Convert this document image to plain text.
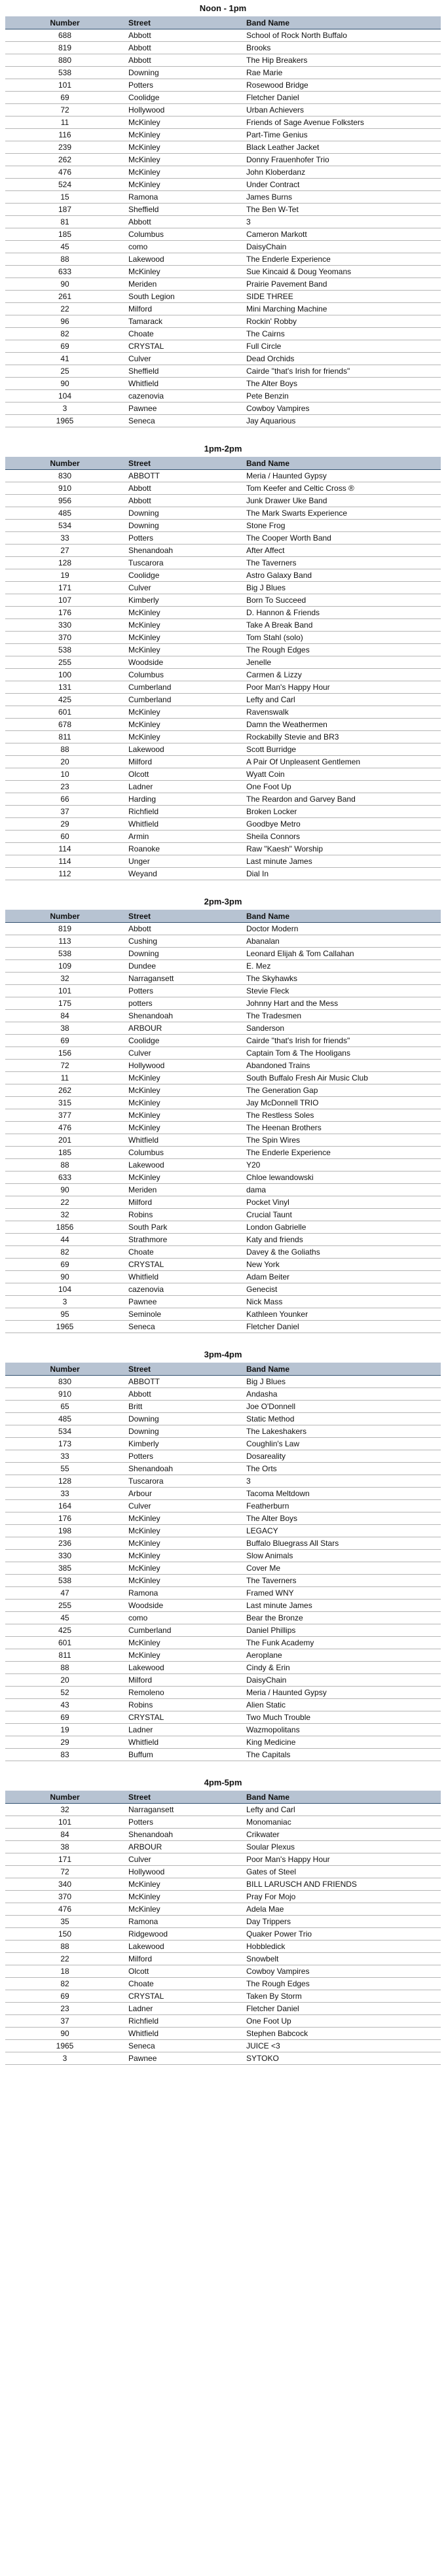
Noon - 1pm
Number	Street	Band Name
688	Abbott	School of Rock North Buffalo
819	Abbott	Brooks
880	Abbott	The Hip Breakers
538	Downing	Rae Marie
101	Potters	Rosewood Bridge
69	Coolidge	Fletcher Daniel
72	Hollywood	Urban Achievers
11	McKinley	Friends of Sage Avenue Folksters
116	McKinley	Part-Time Genius
239	McKinley	Black Leather Jacket
262	McKinley	Donny Frauenhofer Trio
476	McKinley	John Kloberdanz
524	McKinley	Under Contract
15	Ramona	James Burns
187	Sheffield	The Ben W-Tet
81	Abbott	3
185	Columbus	Cameron Markott
45	como	DaisyChain
88	Lakewood	The Enderle Experience
633	McKinley	Sue Kincaid & Doug Yeomans
90	Meriden	Prairie Pavement Band
261	South Legion	SIDE THREE
22	Milford	Mini Marching Machine
96	Tamarack	Rockin' Robby
82	Choate	The Cairns
69	CRYSTAL	Full Circle
41	Culver	Dead Orchids
25	Sheffield	Cairde "that's Irish for friends"
90	Whitfield	The Alter Boys
104	cazenovia	Pete Benzin
3	Pawnee	Cowboy Vampires
1965	Seneca	Jay Aquarious
1pm-2pm
Number	Street	Band Name
830	ABBOTT	Meria / Haunted Gypsy
910	Abbott	Tom Keefer and Celtic Cross ®
956	Abbott	Junk Drawer Uke Band
485	Downing	The Mark Swarts Experience
534	Downing	Stone Frog
33	Potters	The Cooper Worth Band
27	Shenandoah	After Affect
128	Tuscarora	The Taverners
19	Coolidge	Astro Galaxy Band
171	Culver	Big J Blues
107	Kimberly	Born To Succeed
176	McKinley	D. Hannon & Friends
330	McKinley	Take A Break Band
370	McKinley	Tom Stahl (solo)
538	McKinley	The Rough Edges
255	Woodside	Jenelle
100	Columbus	Carmen & Lizzy
131	Cumberland	Poor Man's Happy Hour
425	Cumberland	Lefty and Carl
601	McKinley	Ravenswalk
678	McKinley	Damn the Weathermen
811	McKinley	Rockabilly Stevie and BR3
88	Lakewood	Scott Burridge
20	Milford	A Pair Of Unpleasent Gentlemen
10	Olcott	Wyatt Coin
23	Ladner	One Foot Up
66	Harding	The Reardon and Garvey Band
37	Richfield	Broken Locker
29	Whitfield	Goodbye Metro
60	Armin	Sheila Connors
114	Roanoke	Raw "Kaesh" Worship
114	Unger	Last minute James
112	Weyand	Dial In
2pm-3pm
Number	Street	Band Name
819	Abbott	Doctor Modern
113	Cushing	Abanalan
538	Downing	Leonard Elijah & Tom Callahan
109	Dundee	E. Mez
32	Narragansett	The Skyhawks
101	Potters	Stevie Fleck
175	potters	Johnny Hart and the Mess
84	Shenandoah	The Tradesmen
38	ARBOUR	Sanderson
69	Coolidge	Cairde "that's Irish for friends"
156	Culver	Captain Tom & The Hooligans
72	Hollywood	Abandoned Trains
11	McKinley	South Buffalo Fresh Air Music Club
262	McKinley	The Generation Gap
315	McKinley	Jay McDonnell TRIO
377	McKinley	The Restless Soles
476	McKinley	The Heenan Brothers
201	Whitfield	The Spin Wires
185	Columbus	The Enderle Experience
88	Lakewood	Y20
633	McKinley	Chloe lewandowski
90	Meriden	dama
22	Milford	Pocket Vinyl
32	Robins	Crucial Taunt
1856	South Park	London Gabrielle
44	Strathmore	Katy and friends
82	Choate	Davey & the Goliaths
69	CRYSTAL	New York
90	Whitfield	Adam Beiter
104	cazenovia	Genecist
3	Pawnee	Nick Mass
95	Seminole	Kathleen Younker
1965	Seneca	Fletcher Daniel
3pm-4pm
Number	Street	Band Name
830	ABBOTT	Big J Blues
910	Abbott	Andasha
65	Britt	Joe O'Donnell
485	Downing	Static Method
534	Downing	The Lakeshakers
173	Kimberly	Coughlin's Law
33	Potters	Dosareality
55	Shenandoah	The Orts
128	Tuscarora	3
33	Arbour	Tacoma Meltdown
164	Culver	Featherburn
176	McKinley	The Alter Boys
198	McKinley	LEGACY
236	McKinley	Buffalo Bluegrass All Stars
330	McKinley	Slow Animals
385	McKinley	Cover Me
538	McKinley	The Taverners
47	Ramona	Framed WNY
255	Woodside	Last minute James
45	como	Bear the Bronze
425	Cumberland	Daniel Phillips
601	McKinley	The Funk Academy
811	McKinley	Aeroplane
88	Lakewood	Cindy & Erin
20	Milford	DaisyChain
52	Remoleno	Meria / Haunted Gypsy
43	Robins	Alien Static
69	CRYSTAL	Two Much Trouble
19	Ladner	Wazmopolitans
29	Whitfield	King Medicine
83	Buffum	The Capitals
4pm-5pm
Number	Street	Band Name
32	Narragansett	Lefty and Carl
101	Potters	Monomaniac
84	Shenandoah	Crikwater
38	ARBOUR	Soular Plexus
171	Culver	Poor Man's Happy Hour
72	Hollywood	Gates of Steel
340	McKinley	BILL LARUSCH AND FRIENDS
370	McKinley	Pray For Mojo
476	McKinley	Adela Mae
35	Ramona	Day Trippers
150	Ridgewood	Quaker Power Trio
88	Lakewood	Hobbledick
22	Milford	Snowbelt
18	Olcott	Cowboy Vampires
82	Choate	The Rough Edges
69	CRYSTAL	Taken By Storm
23	Ladner	Fletcher Daniel
37	Richfield	One Foot Up
90	Whitfield	Stephen Babcock
1965	Seneca	JUICE <3
3	Pawnee	SYTOKO
